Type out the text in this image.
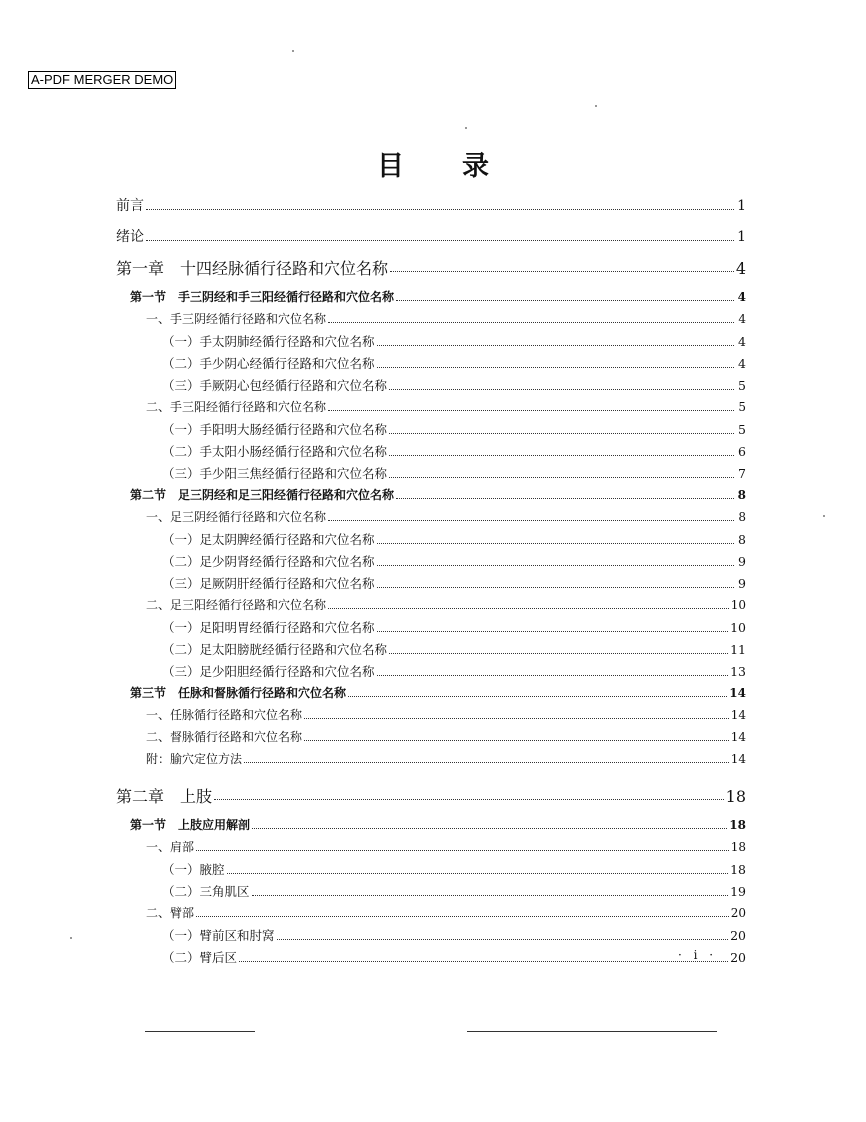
A-PDF MERGER DEMO
目录
前言	1
绪论	1
第一章　十四经脉循行径路和穴位名称	4
第一节　手三阴经和手三阳经循行径路和穴位名称	4
一、手三阴经循行径路和穴位名称	4
（一）手太阴肺经循行径路和穴位名称	4
（二）手少阴心经循行径路和穴位名称	4
（三）手厥阴心包经循行径路和穴位名称	5
二、手三阳经循行径路和穴位名称	5
（一）手阳明大肠经循行径路和穴位名称	5
（二）手太阳小肠经循行径路和穴位名称	6
（三）手少阳三焦经循行径路和穴位名称	7
第二节　足三阴经和足三阳经循行径路和穴位名称	8
一、足三阴经循行径路和穴位名称	8
（一）足太阴脾经循行径路和穴位名称	8
（二）足少阴肾经循行径路和穴位名称	9
（三）足厥阴肝经循行径路和穴位名称	9
二、足三阳经循行径路和穴位名称	10
（一）足阳明胃经循行径路和穴位名称	10
（二）足太阳膀胱经循行径路和穴位名称	11
（三）足少阳胆经循行径路和穴位名称	13
第三节　任脉和督脉循行径路和穴位名称	14
一、任脉循行径路和穴位名称	14
二、督脉循行径路和穴位名称	14
附：腧穴定位方法	14
第二章　上肢	18
第一节　上肢应用解剖	18
一、肩部	18
（一）腋腔	18
（二）三角肌区	19
二、臂部	20
（一）臂前区和肘窝	20
（二）臂后区	20
· i ·
